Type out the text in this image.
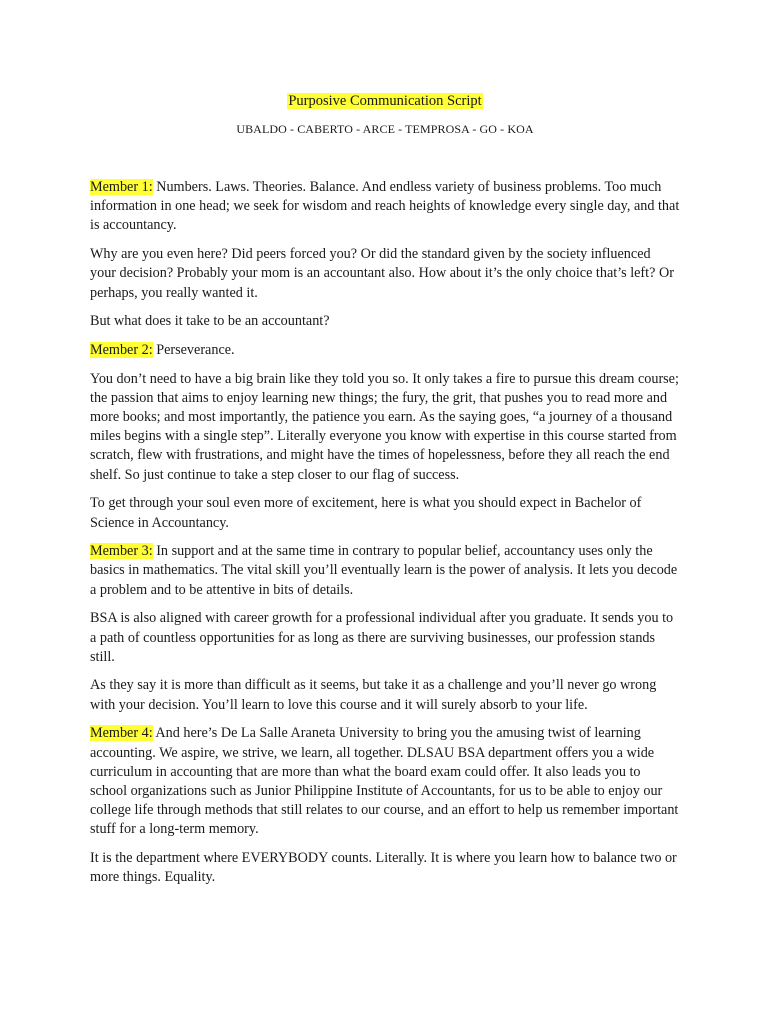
Purposive Communication Script
UBALDO - CABERTO - ARCE - TEMPROSA - GO - KOA

Member 1: Numbers. Laws. Theories. Balance. And endless variety of business problems. Too much information in one head; we seek for wisdom and reach heights of knowledge every single day, and that is accountancy.

Why are you even here? Did peers forced you? Or did the standard given by the society influenced your decision? Probably your mom is an accountant also. How about it’s the only choice that’s left? Or perhaps, you really wanted it.

But what does it take to be an accountant?

Member 2: Perseverance.

You don’t need to have a big brain like they told you so. It only takes a fire to pursue this dream course; the passion that aims to enjoy learning new things; the fury, the grit, that pushes you to read more and more books; and most importantly, the patience you earn. As the saying goes, “a journey of a thousand miles begins with a single step”. Literally everyone you know with expertise in this course started from scratch, flew with frustrations, and might have the times of hopelessness, before they all reach the end shelf. So just continue to take a step closer to our flag of success.

To get through your soul even more of excitement, here is what you should expect in Bachelor of Science in Accountancy.

Member 3: In support and at the same time in contrary to popular belief, accountancy uses only the basics in mathematics. The vital skill you’ll eventually learn is the power of analysis. It lets you decode a problem and to be attentive in bits of details.

BSA is also aligned with career growth for a professional individual after you graduate. It sends you to a path of countless opportunities for as long as there are surviving businesses, our profession stands still.

As they say it is more than difficult as it seems, but take it as a challenge and you’ll never go wrong with your decision. You’ll learn to love this course and it will surely absorb to your life.

Member 4: And here’s De La Salle Araneta University to bring you the amusing twist of learning accounting. We aspire, we strive, we learn, all together. DLSAU BSA department offers you a wide curriculum in accounting that are more than what the board exam could offer. It also leads you to school organizations such as Junior Philippine Institute of Accountants, for us to be able to enjoy our college life through methods that still relates to our course, and an effort to help us remember important stuff for a long-term memory.

It is the department where EVERYBODY counts. Literally. It is where you learn how to balance two or more things. Equality.
